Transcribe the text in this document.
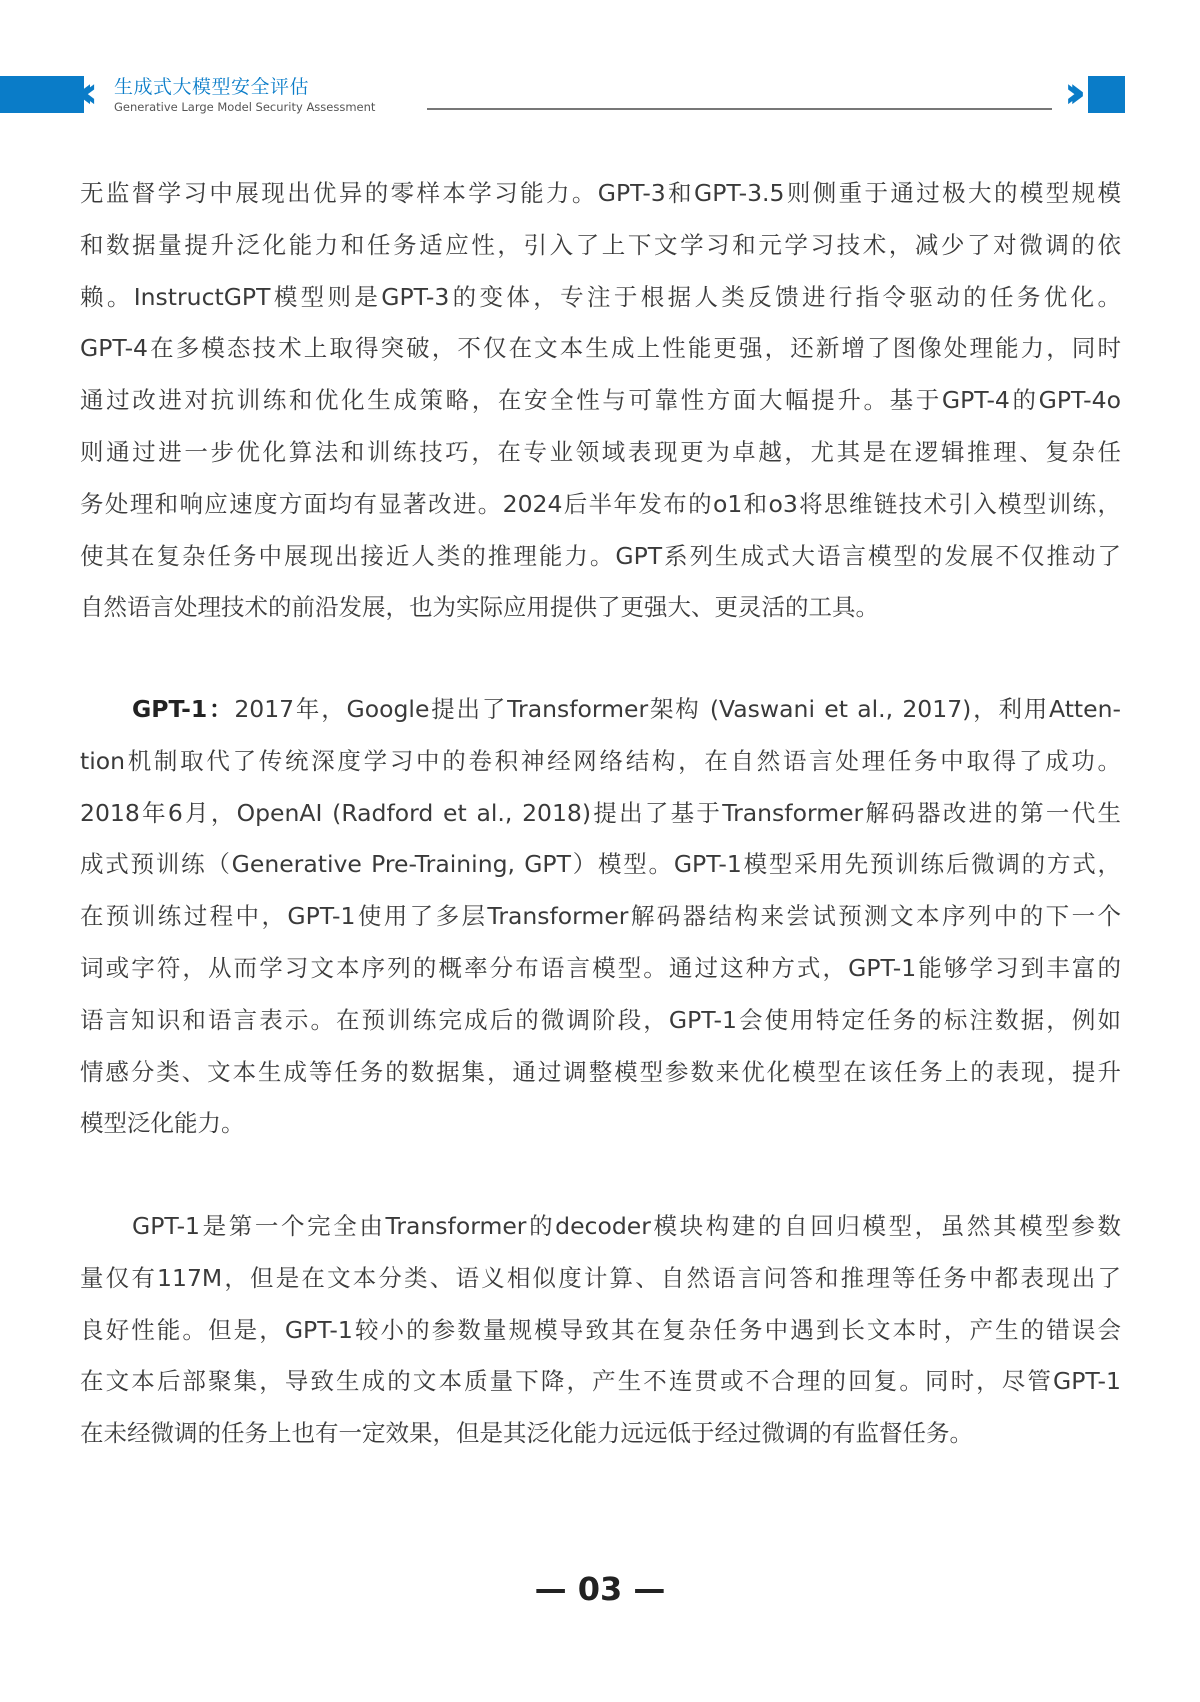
‹‹ 生成式大模型安全评估
Generative Large Model Security Assessment	››
无监督学习中展现出优异的零样本学习能力。GPT-3和GPT-3.5则侧重于通过极大的模型规模
和数据量提升泛化能力和任务适应性，引入了上下文学习和元学习技术，减少了对微调的依
赖。InstructGPT模型则是GPT-3的变体，专注于根据人类反馈进行指令驱动的任务优化。
GPT-4在多模态技术上取得突破，不仅在文本生成上性能更强，还新增了图像处理能力，同时
通过改进对抗训练和优化生成策略，在安全性与可靠性方面大幅提升。基于GPT-4的GPT-4o
则通过进一步优化算法和训练技巧，在专业领域表现更为卓越，尤其是在逻辑推理、复杂任
务处理和响应速度方面均有显著改进。2024后半年发布的o1和o3将思维链技术引入模型训练，
使其在复杂任务中展现出接近人类的推理能力。GPT系列生成式大语言模型的发展不仅推动了
自然语言处理技术的前沿发展，也为实际应用提供了更强大、更灵活的工具。
GPT-1：2017年，Google提出了Transformer架构 (Vaswani et al., 2017)，利用Atten-
tion机制取代了传统深度学习中的卷积神经网络结构，在自然语言处理任务中取得了成功。
2018年6月，OpenAI (Radford et al., 2018)提出了基于Transformer解码器改进的第一代生
成式预训练（Generative Pre-Training, GPT）模型。GPT-1模型采用先预训练后微调的方式，
在预训练过程中，GPT-1使用了多层Transformer解码器结构来尝试预测文本序列中的下一个
词或字符，从而学习文本序列的概率分布语言模型。通过这种方式，GPT-1能够学习到丰富的
语言知识和语言表示。在预训练完成后的微调阶段，GPT-1会使用特定任务的标注数据，例如
情感分类、文本生成等任务的数据集，通过调整模型参数来优化模型在该任务上的表现，提升
模型泛化能力。
GPT-1是第一个完全由Transformer的decoder模块构建的自回归模型，虽然其模型参数
量仅有117M，但是在文本分类、语义相似度计算、自然语言问答和推理等任务中都表现出了
良好性能。但是，GPT-1较小的参数量规模导致其在复杂任务中遇到长文本时，产生的错误会
在文本后部聚集，导致生成的文本质量下降，产生不连贯或不合理的回复。同时，尽管GPT-1
在未经微调的任务上也有一定效果，但是其泛化能力远远低于经过微调的有监督任务。
— 03 —
